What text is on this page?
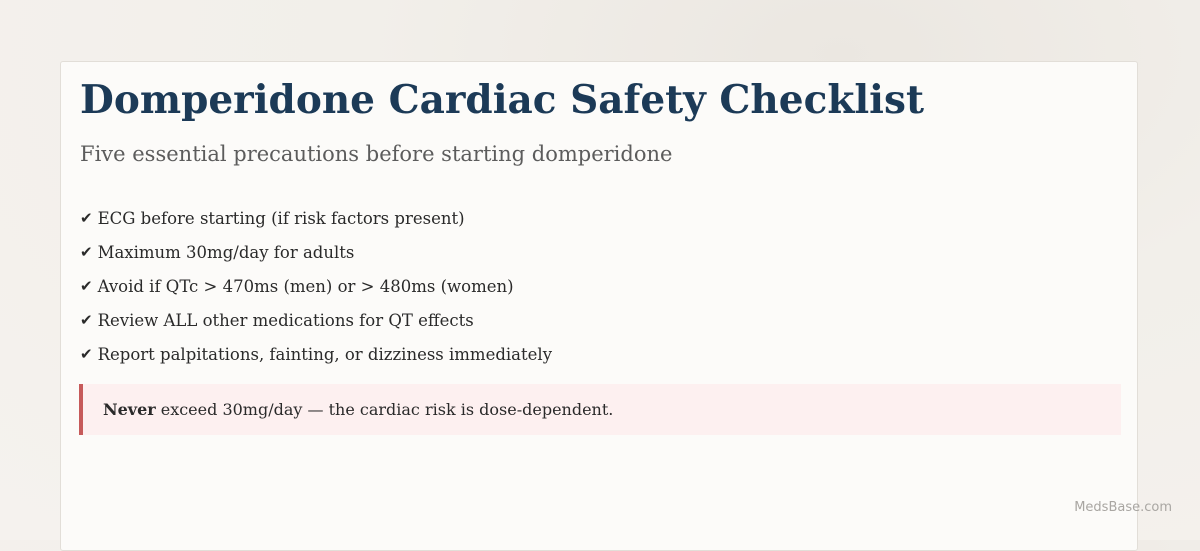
Domperidone Cardiac Safety Checklist

Five essential precautions before starting domperidone

✔ ECG before starting (if risk factors present)
✔ Maximum 30mg/day for adults
✔ Avoid if QTc > 470ms (men) or > 480ms (women)
✔ Review ALL other medications for QT effects
✔ Report palpitations, fainting, or dizziness immediately
Never exceed 30mg/day — the cardiac risk is dose-dependent.
MedsBase.com
